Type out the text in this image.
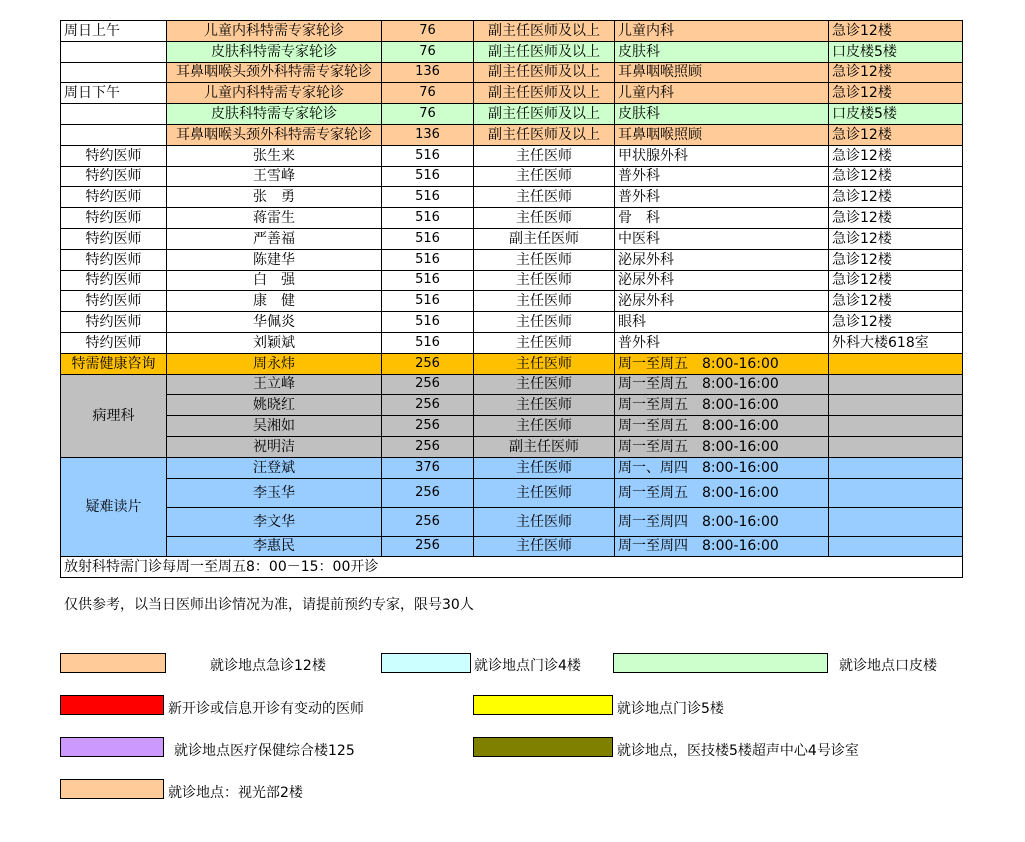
周日上午	儿童内科特需专家轮诊	76	副主任医师及以上	儿童内科	急诊12楼
	皮肤科特需专家轮诊	76	副主任医师及以上	皮肤科	口皮楼5楼
	耳鼻咽喉头颈外科特需专家轮诊	136	副主任医师及以上	耳鼻咽喉照顾	急诊12楼
周日下午	儿童内科特需专家轮诊	76	副主任医师及以上	儿童内科	急诊12楼
	皮肤科特需专家轮诊	76	副主任医师及以上	皮肤科	口皮楼5楼
	耳鼻咽喉头颈外科特需专家轮诊	136	副主任医师及以上	耳鼻咽喉照顾	急诊12楼
特约医师	张生来	516	主任医师	甲状腺外科	急诊12楼
特约医师	王雪峰	516	主任医师	普外科	急诊12楼
特约医师	张　勇	516	主任医师	普外科	急诊12楼
特约医师	蒋雷生	516	主任医师	骨　科	急诊12楼
特约医师	严善福	516	副主任医师	中医科	急诊12楼
特约医师	陈建华	516	主任医师	泌尿外科	急诊12楼
特约医师	白　强	516	主任医师	泌尿外科	急诊12楼
特约医师	康　健	516	主任医师	泌尿外科	急诊12楼
特约医师	华佩炎	516	主任医师	眼科	急诊12楼
特约医师	刘颖斌	516	主任医师	普外科	外科大楼618室
特需健康咨询	周永炜	256	主任医师	周一至周五　8:00-16:00	
病理科	王立峰	256	主任医师	周一至周五　8:00-16:00	
	姚晓红	256	主任医师	周一至周五　8:00-16:00	
	吴湘如	256	主任医师	周一至周五　8:00-16:00	
	祝明洁	256	副主任医师	周一至周五　8:00-16:00	
疑难读片	汪登斌	376	主任医师	周一、周四　8:00-16:00	
	李玉华	256	主任医师	周一至周五　8:00-16:00	
	李文华	256	主任医师	周一至周四　8:00-16:00	
	李惠民	256	主任医师	周一至周四　8:00-16:00	
放射科特需门诊每周一至周五8：00－15：00开诊					
仅供参考，以当日医师出诊情况为准，请提前预约专家，限号30人
就诊地点急诊12楼	就诊地点门诊4楼	就诊地点口皮楼
新开诊或信息开诊有变动的医师	就诊地点门诊5楼
就诊地点医疗保健综合楼125	就诊地点，医技楼5楼超声中心4号诊室
就诊地点：视光部2楼
